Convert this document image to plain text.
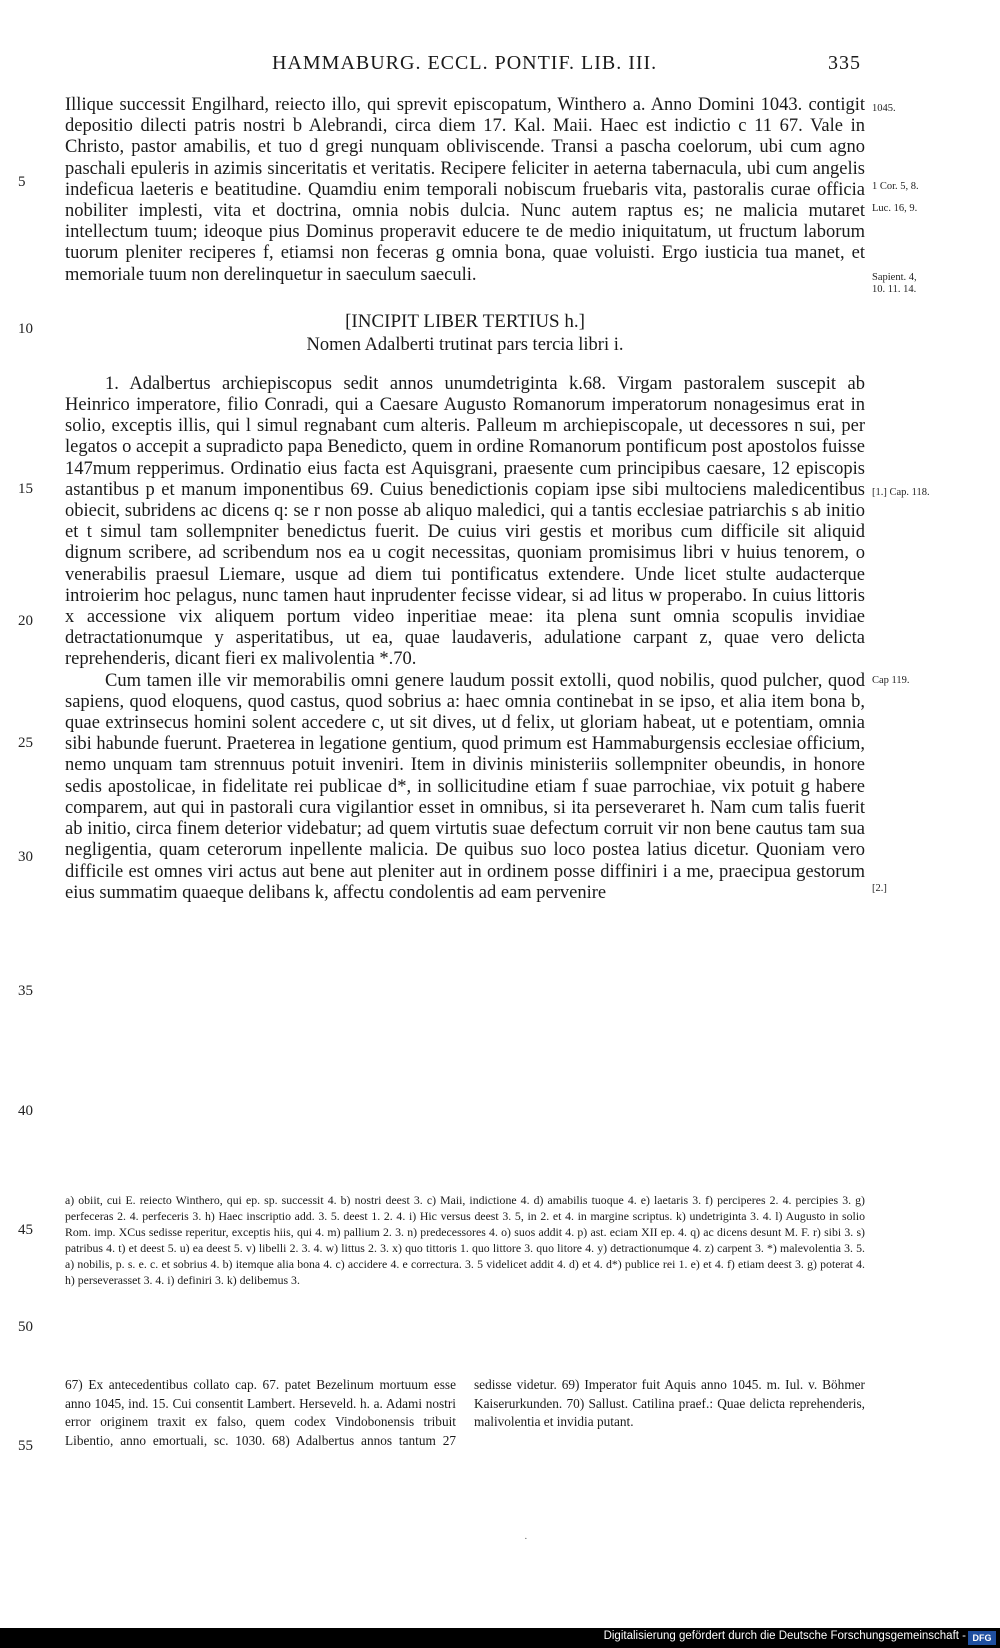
HAMMABURG. ECCL. PONTIF. LIB. III.	335

Illique successit Engilhard, reiecto illo, qui sprevit episcopatum, Winthero a. Anno Domini 1043. contigit depositio dilecti patris nostri b Alebrandi, circa diem 17. Kal. Maii. Haec est indictio c 11 67. Vale in Christo, pastor amabilis, et tuo d gregi nunquam obliviscende. Transi a pascha coelorum, ubi cum agno paschali epuleris in azimis sinceritatis et veritatis. Recipere feliciter in aeterna tabernacula, ubi cum angelis indeficua laeteris e beatitudine. Quamdiu enim temporali nobiscum fruebaris vita, pastoralis curae officia nobiliter implesti, vita et doctrina, omnia nobis dulcia. Nunc autem raptus es; ne malicia mutaret intellectum tuum; ideoque pius Dominus properavit educere te de medio iniquitatum, ut fructum laborum tuorum pleniter reciperes f, etiamsi non feceras g omnia bona, quae voluisti. Ergo iusticia tua manet, et memoriale tuum non derelinquetur in saeculum saeculi.

[INCIPIT LIBER TERTIUS h.]
Nomen Adalberti trutinat pars tercia libri i.

1. Adalbertus archiepiscopus sedit annos unumdetriginta k.68. Virgam pastoralem suscepit ab Heinrico imperatore, filio Conradi, qui a Caesare Augusto Romanorum imperatorum nonagesimus erat in solio, exceptis illis, qui l simul regnabant cum alteris. Palleum m archiepiscopale, ut decessores n sui, per legatos o accepit a supradicto papa Benedicto, quem in ordine Romanorum pontificum post apostolos fuisse 147mum repperimus. Ordinatio eius facta est Aquisgrani, praesente cum principibus caesare, 12 episcopis astantibus p et manum imponentibus 69. Cuius benedictionis copiam ipse sibi multociens maledicentibus obiecit, subridens ac dicens q: se r non posse ab aliquo maledici, qui a tantis ecclesiae patriarchis s ab initio et t simul tam sollempniter benedictus fuerit. De cuius viri gestis et moribus cum difficile sit aliquid dignum scribere, ad scribendum nos ea u cogit necessitas, quoniam promisimus libri v huius tenorem, o venerabilis praesul Liemare, usque ad diem tui pontificatus extendere. Unde licet stulte audacterque introierim hoc pelagus, nunc tamen haut inprudenter fecisse videar, si ad litus w properabo. In cuius littoris x accessione vix aliquem portum video inperitiae meae: ita plena sunt omnia scopulis invidiae detractationumque y asperitatibus, ut ea, quae laudaveris, adulatione carpant z, quae vero delicta reprehenderis, dicant fieri ex malivolentia *.70.

Cum tamen ille vir memorabilis omni genere laudum possit extolli, quod nobilis, quod pulcher, quod sapiens, quod eloquens, quod castus, quod sobrius a: haec omnia continebat in se ipso, et alia item bona b, quae extrinsecus homini solent accedere c, ut sit dives, ut d felix, ut gloriam habeat, ut e potentiam, omnia sibi habunde fuerunt. Praeterea in legatione gentium, quod primum est Hammaburgensis ecclesiae officium, nemo unquam tam strennuus potuit inveniri. Item in divinis ministeriis sollempniter obeundis, in honore sedis apostolicae, in fidelitate rei publicae d*, in sollicitudine etiam f suae parrochiae, vix potuit g habere comparem, aut qui in pastorali cura vigilantior esset in omnibus, si ita perseveraret h. Nam cum talis fuerit ab initio, circa finem deterior videbatur; ad quem virtutis suae defectum corruit vir non bene cautus tam sua negligentia, quam ceterorum inpellente malicia. De quibus suo loco postea latius dicetur. Quoniam vero difficile est omnes viri actus aut bene aut pleniter aut in ordinem posse diffiniri i a me, praecipua gestorum eius summatim quaeque delibans k, affectu condolentis ad eam pervenire

5
10
15
20
25
30
35
40
45
50
55
1045.
1 Cor. 5, 8.
Luc. 16, 9.
Sapient. 4, 10. 11. 14.
[1.] Cap. 118.
Cap 119.
[2.]
a) obiit, cui E. reiecto Winthero, qui ep. sp. successit 4. b) nostri deest 3. c) Maii, indictione 4. d) amabilis tuoque 4. e) laetaris 3. f) perciperes 2. 4. percipies 3. g) perfeceras 2. 4. perfeceris 3. h) Haec inscriptio add. 3. 5. deest 1. 2. 4. i) Hic versus deest 3. 5, in 2. et 4. in margine scriptus. k) undetriginta 3. 4. l) Augusto in solio Rom. imp. XCus sedisse reperitur, exceptis hiis, qui 4. m) pallium 2. 3. n) predecessores 4. o) suos addit 4. p) ast. eciam XII ep. 4. q) ac dicens desunt M. F. r) sibi 3. s) patribus 4. t) et deest 5. u) ea deest 5. v) libelli 2. 3. 4. w) littus 2. 3. x) quo tittoris 1. quo littore 3. quo litore 4. y) detractionumque 4. z) carpent 3. *) malevolentia 3. 5. a) nobilis, p. s. e. c. et sobrius 4. b) itemque alia bona 4. c) accidere 4. e correctura. 3. 5 videlicet addit 4. d) et 4. d*) publice rei 1. e) et 4. f) etiam deest 3. g) poterat 4. h) perseverasset 3. 4. i) definiri 3. k) delibemus 3.
67) Ex antecedentibus collato cap. 67. patet Bezelinum mortuum esse anno 1045, ind. 15. Cui consentit Lambert. Herseveld. h. a. Adami nostri error originem traxit ex falso, quem codex Vindobonensis tribuit Libentio, anno emortuali, sc. 1030. 68) Adalbertus annos tantum 27 sedisse videtur. 69) Imperator fuit Aquis anno 1045. m. Iul. v. Böhmer Kaiserurkunden. 70) Sallust. Catilina praef.: Quae delicta reprehenderis, malivolentia et invidia putant.
·
Digitalisierung gefördert durch die Deutsche Forschungsgemeinschaft - DFG
